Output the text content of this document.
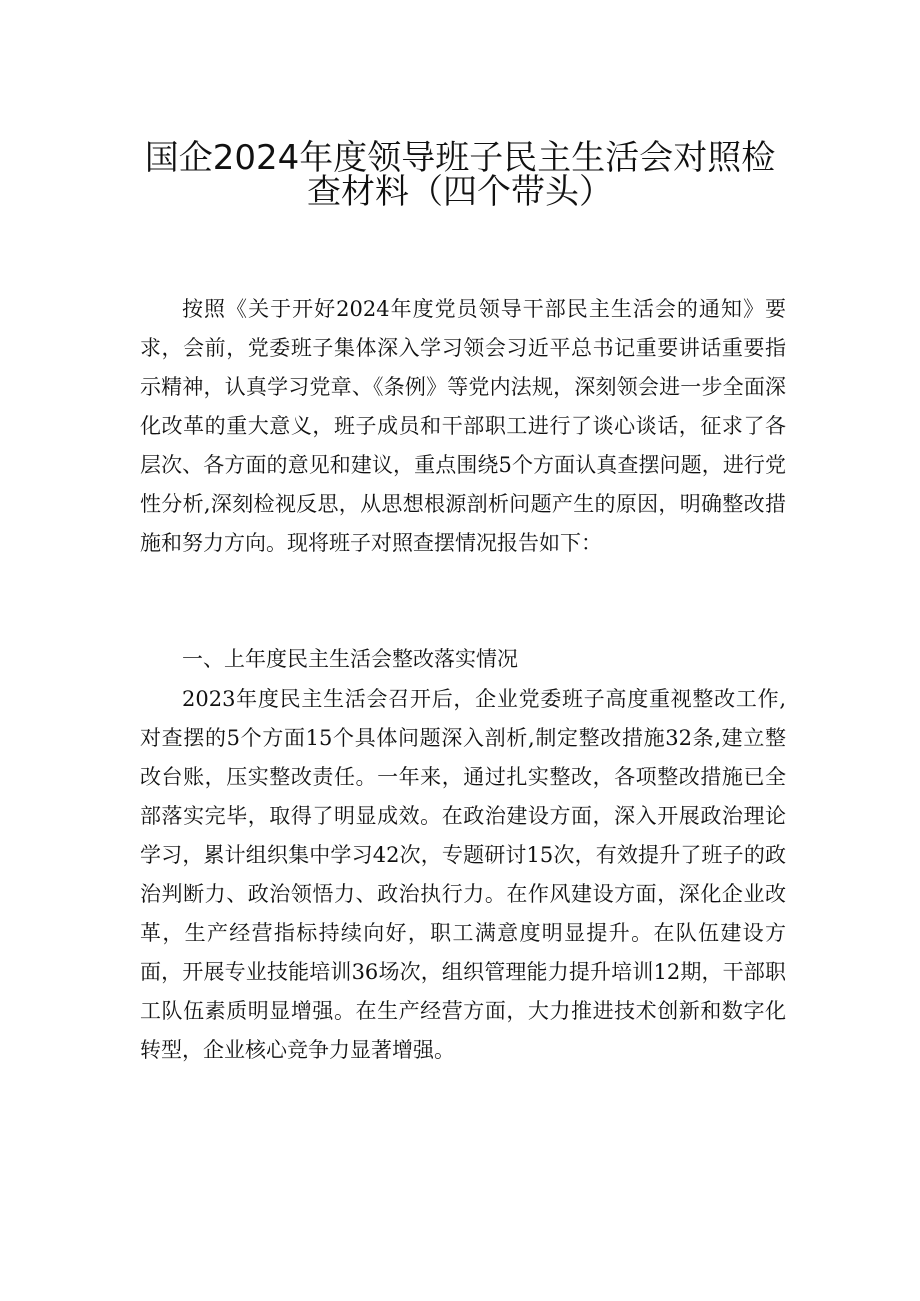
国企2024年度领导班子民主生活会对照检
查材料（四个带头）

按照《关于开好2024年度党员领导干部民主生活会的通知》要求，会前，党委班子集体深入学习领会习近平总书记重要讲话重要指示精神，认真学习党章、《条例》等党内法规，深刻领会进一步全面深化改革的重大意义，班子成员和干部职工进行了谈心谈话，征求了各层次、各方面的意见和建议，重点围绕5个方面认真查摆问题，进行党性分析,深刻检视反思，从思想根源剖析问题产生的原因，明确整改措施和努力方向。现将班子对照查摆情况报告如下：

一、上年度民主生活会整改落实情况

2023年度民主生活会召开后，企业党委班子高度重视整改工作,对查摆的5个方面15个具体问题深入剖析,制定整改措施32条,建立整改台账，压实整改责任。一年来，通过扎实整改，各项整改措施已全部落实完毕，取得了明显成效。在政治建设方面，深入开展政治理论学习，累计组织集中学习42次，专题研讨15次，有效提升了班子的政治判断力、政治领悟力、政治执行力。在作风建设方面，深化企业改革，生产经营指标持续向好，职工满意度明显提升。在队伍建设方面，开展专业技能培训36场次，组织管理能力提升培训12期，干部职工队伍素质明显增强。在生产经营方面，大力推进技术创新和数字化转型，企业核心竞争力显著增强。
